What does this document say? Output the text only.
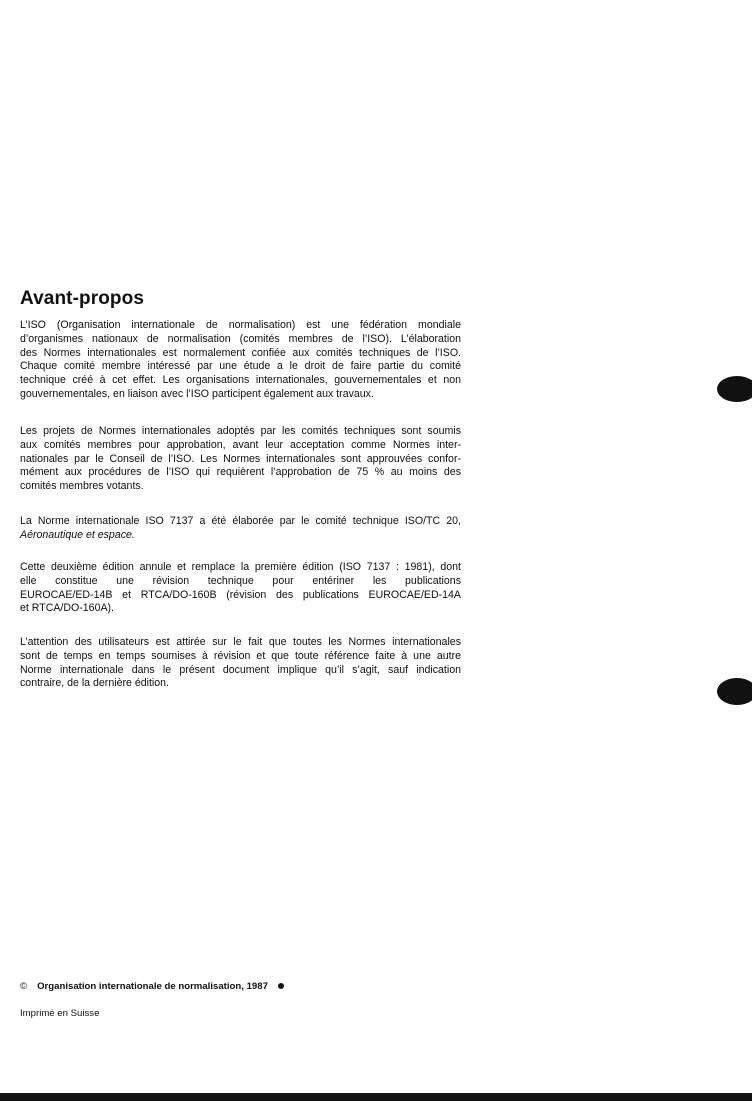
Avant-propos
L’ISO (Organisation internationale de normalisation) est une fédération mondiale
d’organismes nationaux de normalisation (comités membres de l’ISO). L’élaboration
des Normes internationales est normalement confiée aux comités techniques de l’ISO.
Chaque comité membre intéressé par une étude a le droit de faire partie du comité
technique créé à cet effet. Les organisations internationales, gouvernementales et non
gouvernementales, en liaison avec l’ISO participent également aux travaux.
Les projets de Normes internationales adoptés par les comités techniques sont soumis
aux comités membres pour approbation, avant leur acceptation comme Normes inter-
nationales par le Conseil de l’ISO. Les Normes internationales sont approuvées confor-
mément aux procédures de l’ISO qui requièrent l’approbation de 75 % au moins des
comités membres votants.
La Norme internationale ISO 7137 a été élaborée par le comité technique ISO/TC 20,
Aéronautique et espace.
Cette deuxième édition annule et remplace la première édition (ISO 7137 : 1981), dont
elle constitue une révision technique pour entériner les publications
EUROCAE/ED-14B et RTCA/DO-160B (révision des publications EUROCAE/ED-14A
et RTCA/DO-160A).
L’attention des utilisateurs est attirée sur le fait que toutes les Normes internationales
sont de temps en temps soumises à révision et que toute référence faite à une autre
Norme internationale dans le présent document implique qu’il s’agit, sauf indication
contraire, de la dernière édition.
© Organisation internationale de normalisation, 1987
Imprimé en Suisse
